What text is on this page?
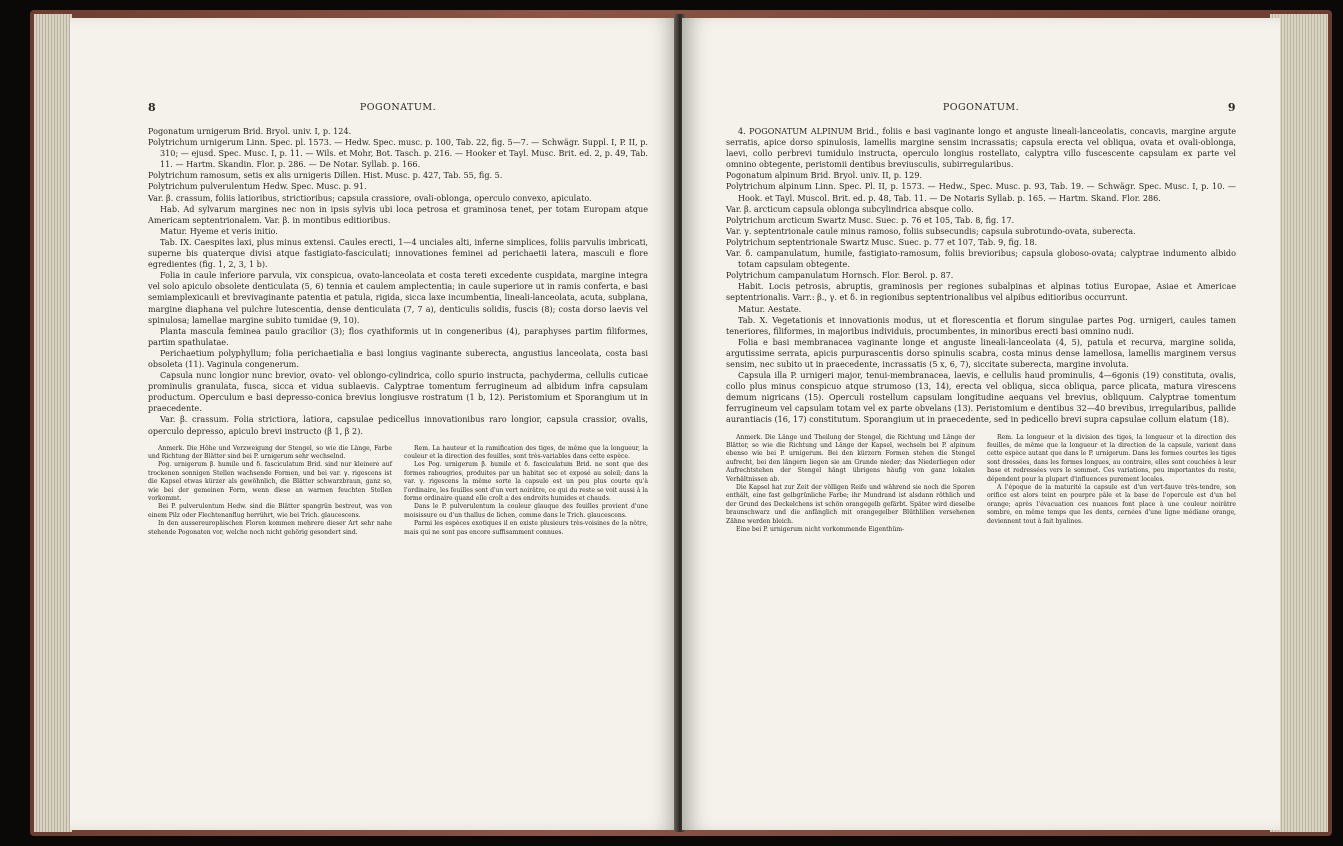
8	POGONATUM.

Pogonatum urnigerum Brid. Bryol. univ. I, p. 124.

Polytrichum urnigerum Linn. Spec. pl. 1573. — Hedw. Spec. musc. p. 100, Tab. 22, fig. 5—7. — Schwägr. Suppl. I, P. II, p. 310; — ejusd. Spec. Musc. I, p. 11. — Wils. et Mohr, Bot. Tasch. p. 216. — Hooker et Tayl. Musc. Brit. ed. 2, p. 49, Tab. 11. — Hartm. Skandin. Flor. p. 286. — De Notar. Syllab. p. 166.

Polytrichum ramosum, setis ex alis urnigeris Dillen. Hist. Musc. p. 427, Tab. 55, fig. 5.

Polytrichum pulverulentum Hedw. Spec. Musc. p. 91.

Var. β. crassum, foliis latioribus, strictioribus; capsula crassiore, ovali-oblonga, operculo convexo, apiculato.

Hab. Ad sylvarum margines nec non in ipsis sylvis ubi loca petrosa et graminosa tenet, per totam Europam atque Americam septentrionalem. Var. β. in montibus editioribus.

Matur. Hyeme et veris initio.

Tab. IX. Caespites laxi, plus minus extensi. Caules erecti, 1—4 unciales alti, inferne simplices, foliis parvulis imbricati, superne bis quaterque divisi atque fastigiato-fasciculati; innovationes feminei ad perichaetii latera, masculi e flore egredientes (fig. 1, 2, 3, 1 b).

Folia in caule inferiore parvula, vix conspicua, ovato-lanceolata et costa tereti excedente cuspidata, margine integra vel solo apiculo obsolete denticulata (5, 6) tennia et caulem amplectentia; in caule superiore ut in ramis conferta, e basi semiamplexicauli et brevivaginante patentia et patula, rigida, sicca laxe incumbentia, lineali-lanceolata, acuta, subplana, margine diaphana vel pulchre lutescentia, dense denticulata (7, 7 a), denticulis solidis, fuscis (8); costa dorso laevis vel spinulosa; lamellae margine subito tumidae (9, 10).

Planta mascula feminea paulo gracilior (3); flos cyathiformis ut in congeneribus (4), paraphyses partim filiformes, partim spathulatae.

Perichaetium polyphyllum; folia perichaetialia e basi longius vaginante suberecta, angustius lanceolata, costa basi obsoleta (11). Vaginula congenerum.

Capsula nunc longior nunc brevior, ovato- vel oblongo-cylindrica, collo spurio instructa, pachyderma, cellulis cuticae prominulis granulata, fusca, sicca et vidua sublaevis. Calyptrae tomentum ferrugineum ad albidum infra capsulam productum. Operculum e basi depresso-conica brevius longiusve rostratum (1 b, 12). Peristomium et Sporangium ut in praecedente.

Var. β. crassum. Folia strictiora, latiora, capsulae pedicellus innovationibus raro longior, capsula crassior, ovalis, operculo depresso, apiculo brevi instructo (β 1, β 2).

Anmerk. Die Höhe und Verzweigung der Stengel, so wie die Länge, Farbe und Richtung der Blätter sind bei P. urnigerum sehr wechselnd.

Pog. urnigerum β. humile und δ. fasciculatum Brid. sind nur kleinere auf trockenen sonnigen Stellen wachsende Formen, und bei var. γ. rigescens ist die Kapsel etwas kürzer als gewöhnlich, die Blätter schwarzbraun, ganz so, wie bei der gemeinen Form, wenn diese an warmen feuchten Stellen vorkommt.

Bei P. pulverulentum Hedw. sind die Blätter spangrün bestreut, was von einem Pilz oder Flechtenanflug herrührt, wie bei Trich. glaucescens.

In den aussereuropäischen Floren kommen mehrere dieser Art sehr nahe stehende Pogonaten vor, welche noch nicht gehörig gesondert sind.

Rem. La hauteur et la ramification des tiges, de même que la longueur, la couleur et la direction des feuilles, sont très-variables dans cette espèce.

Les Pog. urnigerum β. humile et δ. fasciculatum Brid. ne sont que des formes rabougries, produites par un habitat sec et exposé au soleil; dans la var. γ. rigescens la même sorte la capsule est un peu plus courte qu'à l'ordinaire, les feuilles sont d'un vert noirâtre, ce qui du reste se voit aussi à la forme ordinaire quand elle croît a des endroits humides et chauds.

Dans le P. pulverulentum la couleur glauque des feuilles provient d'une moisissure ou d'un thallus de lichen, comme dans le Trich. glaucescens.

Parmi les espèces exotiques il en existe plusieurs très-voisines de la nôtre, mais qui ne sont pas encore suffisamment connues.

POGONATUM.	9

4. POGONATUM ALPINUM Brid., foliis e basi vaginante longo et anguste lineali-lanceolatis, concavis, margine argute serratis, apice dorso spinulosis, lamellis margine sensim incrassatis; capsula erecta vel obliqua, ovata et ovali-oblonga, laevi, collo perbrevi tumidulo instructa, operculo longius rostellato, calyptra villo fuscescente capsulam ex parte vel omnino obtegente, peristomii dentibus breviusculis, subirregularibus.

Pogonatum alpinum Brid. Bryol. univ. II, p. 129.

Polytrichum alpinum Linn. Spec. Pl. II, p. 1573. — Hedw., Spec. Musc. p. 93, Tab. 19. — Schwägr. Spec. Musc. I, p. 10. — Hook. et Tayl. Muscol. Brit. ed. p. 48, Tab. 11. — De Notaris Syllab. p. 165. — Hartm. Skand. Flor. 286.

Var. β. arcticum capsula oblonga subcylindrica absque collo.

Polytrichum arcticum Swartz Musc. Suec. p. 76 et 105, Tab. 8, fig. 17.

Var. γ. septentrionale caule minus ramoso, foliis subsecundis; capsula subrotundo-ovata, suberecta.

Polytrichum septentrionale Swartz Musc. Suec. p. 77 et 107, Tab. 9, fig. 18.

Var. δ. campanulatum, humile, fastigiato-ramosum, foliis brevioribus; capsula globoso-ovata; calyptrae indumento albido totam capsulam obtegente.

Polytrichum campanulatum Hornsch. Flor. Berol. p. 87.

Habit. Locis petrosis, abruptis, graminosis per regiones subalpinas et alpinas totius Europae, Asiae et Americae septentrionalis. Varr.: β., γ. et δ. in regionibus septentrionalibus vel alpibus editioribus occurrunt.

Matur. Aestate.

Tab. X. Vegetationis et innovationis modus, ut et florescentia et florum singulae partes Pog. urnigeri, caules tamen teneriores, filiformes, in majoribus individuis, procumbentes, in minoribus erecti basi omnino nudi.

Folia e basi membranacea vaginante longe et anguste lineali-lanceolata (4, 5), patula et recurva, margine solida, argutissime serrata, apicis purpurascentis dorso spinulis scabra, costa minus dense lamellosa, lamellis marginem versus sensim, nec subito ut in praecedente, incrassatis (5 x, 6, 7), siccitate suberecta, margine involuta.

Capsula illa P. urnigeri major, tenui-membranacea, laevis, e cellulis haud prominulis, 4—6gonis (19) constituta, ovalis, collo plus minus conspicuo atque strumoso (13, 14), erecta vel obliqua, sicca obliqua, parce plicata, matura virescens demum nigricans (15). Operculi rostellum capsulam longitudine aequans vel brevius, obliquum. Calyptrae tomentum ferrugineum vel capsulam totam vel ex parte obvelans (13). Peristomium e dentibus 32—40 brevibus, irregularibus, pallide aurantiacis (16, 17) constitutum. Sporangium ut in praecedente, sed in pedicello brevi supra capsulae collum elatum (18).

Anmerk. Die Länge und Theilung der Stengel, die Richtung und Länge der Blätter, so wie die Richtung und Länge der Kapsel, wechseln bei P. alpinum ebenso wie bei P. urnigerum. Bei den kürzern Formen stehen die Stengel aufrecht, bei den längern liegen sie am Grunde nieder; das Niederliegen oder Aufrechtstehen der Stengel hängt übrigens häufig von ganz lokalen Verhältnissen ab.

Die Kapsel hat zur Zeit der völligen Reife und während sie noch die Sporen enthält, eine fast gelbgrünliche Farbe; ihr Mundrand ist alsdann röthlich und der Grund des Deckelchens ist schön orangegelb gefärbt. Später wird dieselbe braunschwarz und die anfänglich mit orangegelber Blüthlilien versehenen Zähne werden bleich.

Eine bei P. urnigerum nicht vorkommende Eigenthüm-

Rem. La longueur et la division des tiges, la longueur et la direction des feuilles, de même que la longueur et la direction de la capsule, varient dans cette espèce autant que dans le P. urnigerum. Dans les formes courtes les tiges sont dressées, dans les formes longues, au contraire, elles sont couchées à leur base et redressées vers le sommet. Ces variations, peu importantes du reste, dépendent pour la plupart d'influences purement locales.

A l'époque de la maturité la capsule est d'un vert-fauve très-tendre, son orifice est alors teint en pourpre pâle et la base de l'opercule est d'un bel orange; après l'évacuation ces nuances font place à une couleur noirâtre sombre, en même temps que les dents, cernées d'une ligne médiane orange, deviennent tout à fait hyalines.
